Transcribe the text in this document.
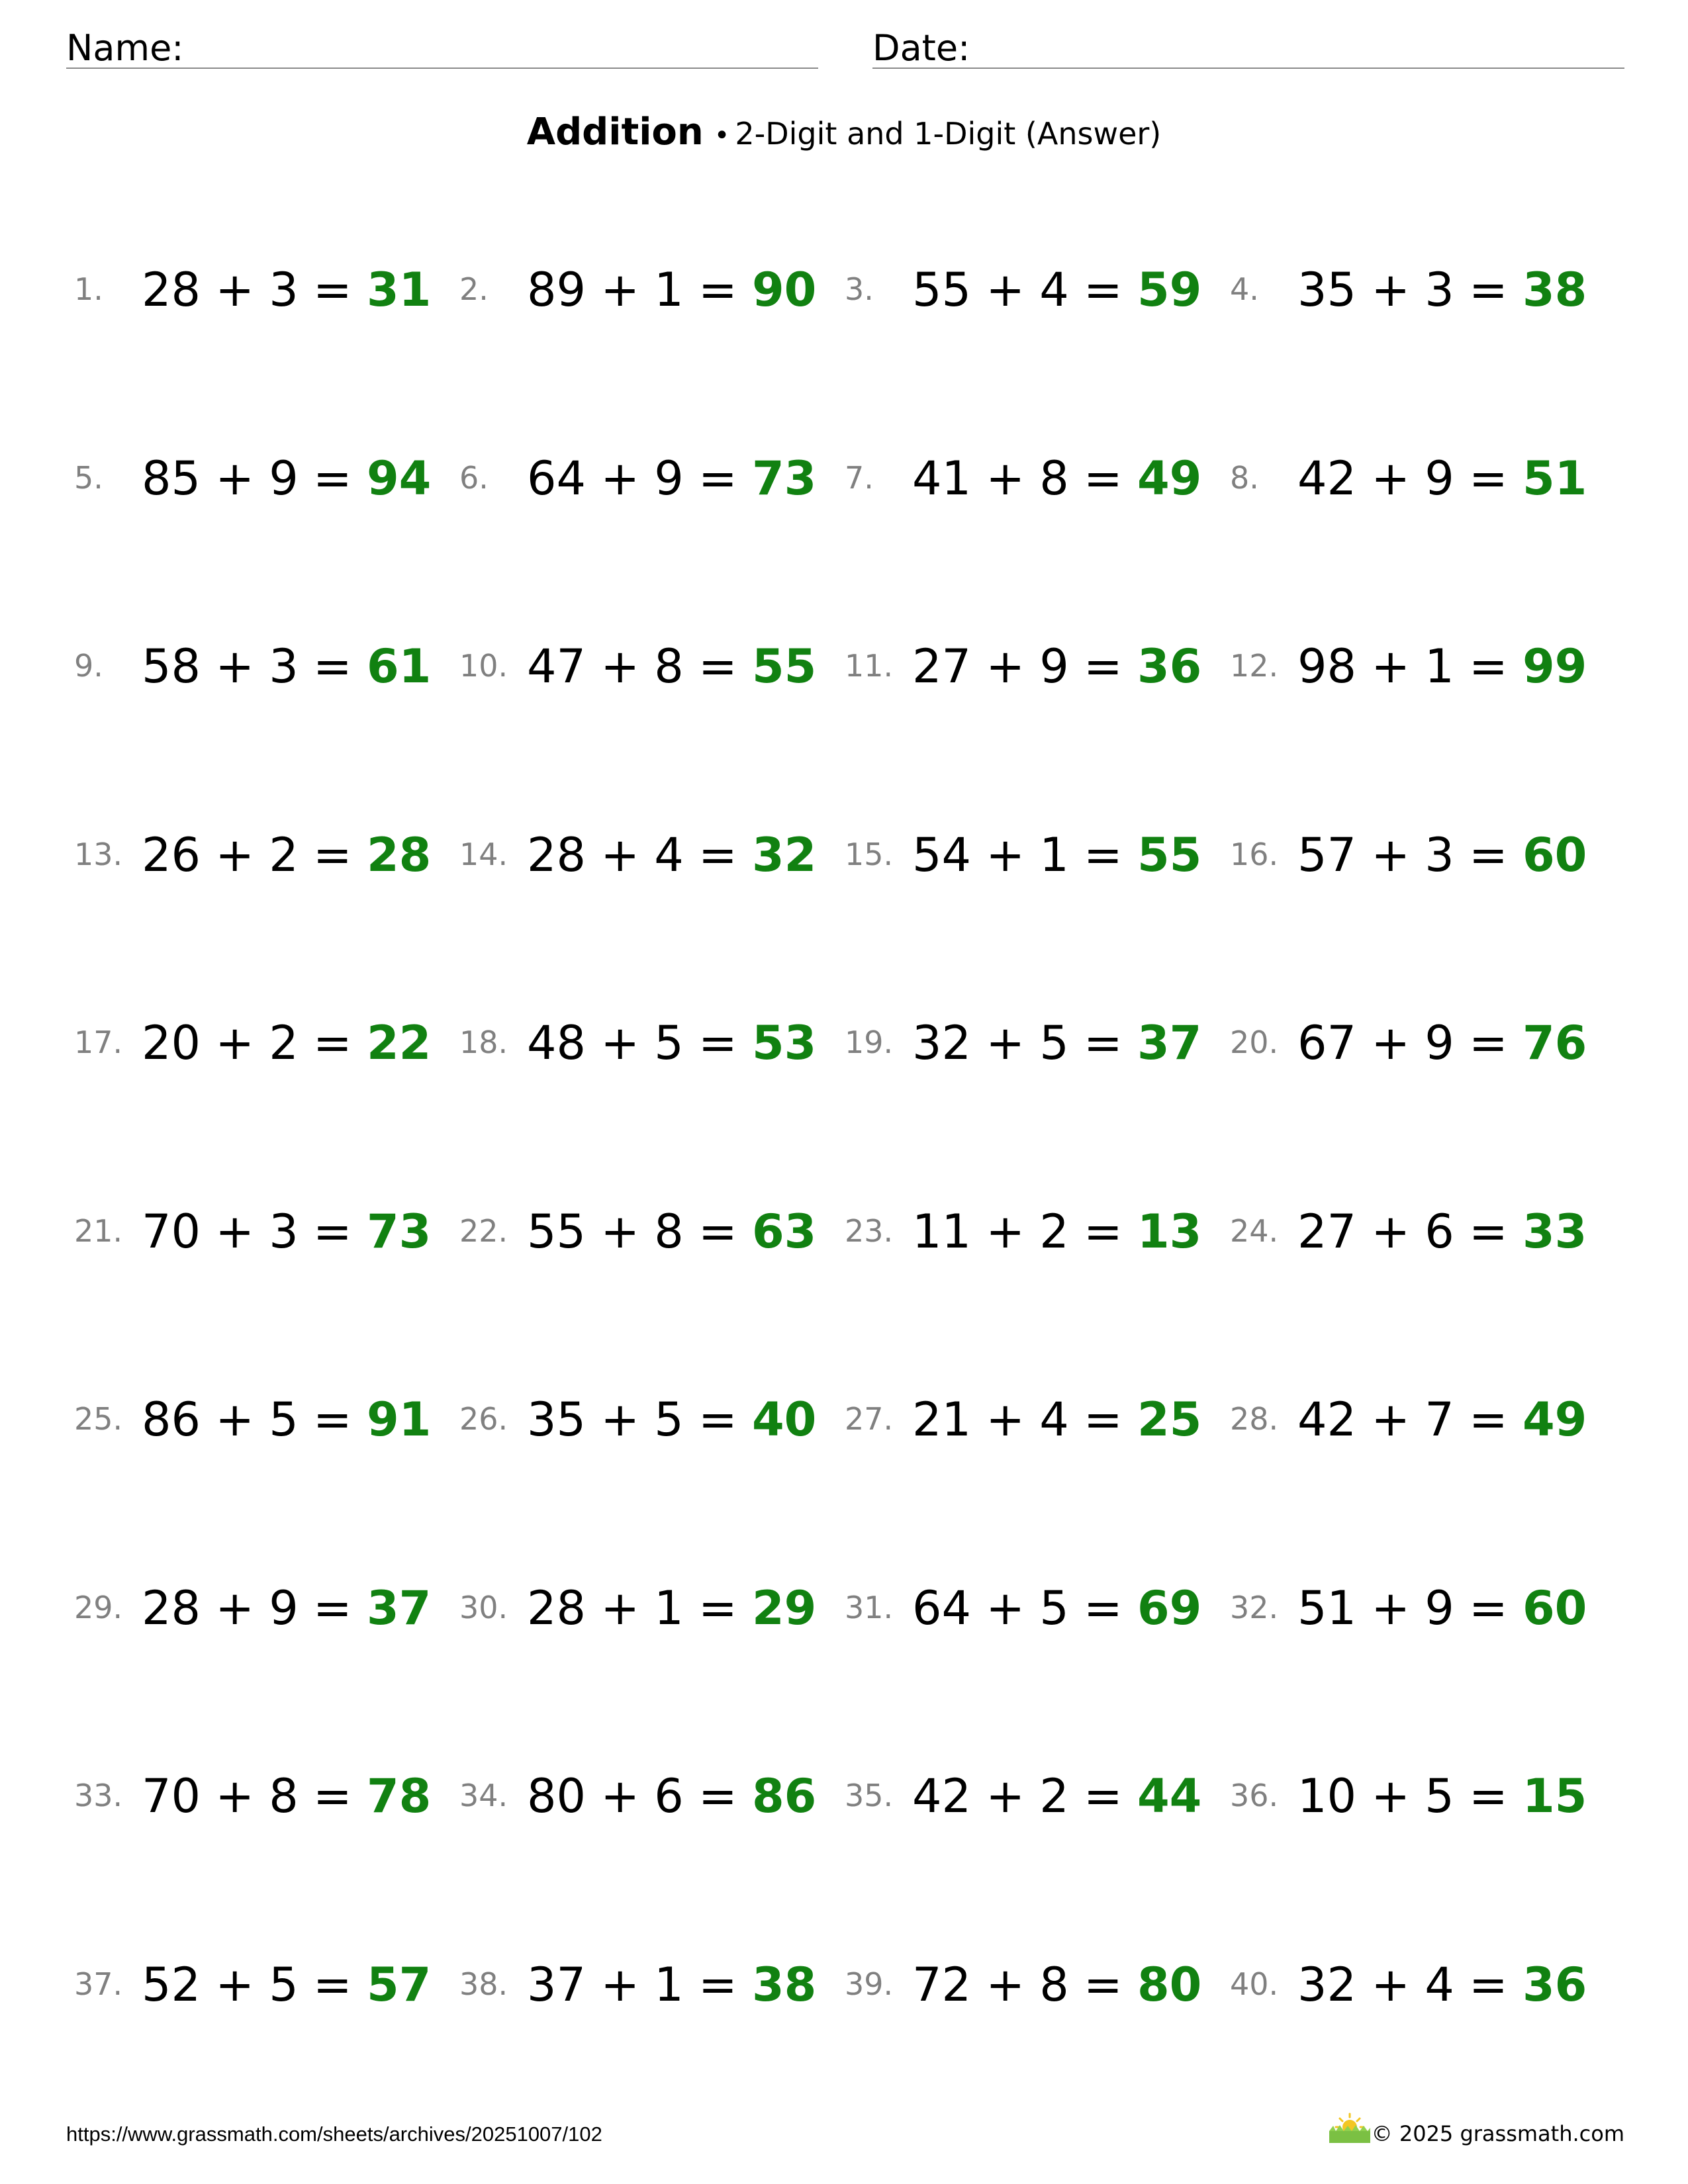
Name:	Date:
Addition • 2-Digit and 1-Digit (Answer)
1. 28 + 3 = 31 2. 89 + 1 = 90 3. 55 + 4 = 59 4. 35 + 3 = 38
5. 85 + 9 = 94 6. 64 + 9 = 73 7. 41 + 8 = 49 8. 42 + 9 = 51
9. 58 + 3 = 61 10. 47 + 8 = 55 11. 27 + 9 = 36 12. 98 + 1 = 99
13. 26 + 2 = 28 14. 28 + 4 = 32 15. 54 + 1 = 55 16. 57 + 3 = 60
17. 20 + 2 = 22 18. 48 + 5 = 53 19. 32 + 5 = 37 20. 67 + 9 = 76
21. 70 + 3 = 73 22. 55 + 8 = 63 23. 11 + 2 = 13 24. 27 + 6 = 33
25. 86 + 5 = 91 26. 35 + 5 = 40 27. 21 + 4 = 25 28. 42 + 7 = 49
29. 28 + 9 = 37 30. 28 + 1 = 29 31. 64 + 5 = 69 32. 51 + 9 = 60
33. 70 + 8 = 78 34. 80 + 6 = 86 35. 42 + 2 = 44 36. 10 + 5 = 15
37. 52 + 5 = 57 38. 37 + 1 = 38 39. 72 + 8 = 80 40. 32 + 4 = 36
https://www.grassmath.com/sheets/archives/20251007/102	© 2025 grassmath.com
